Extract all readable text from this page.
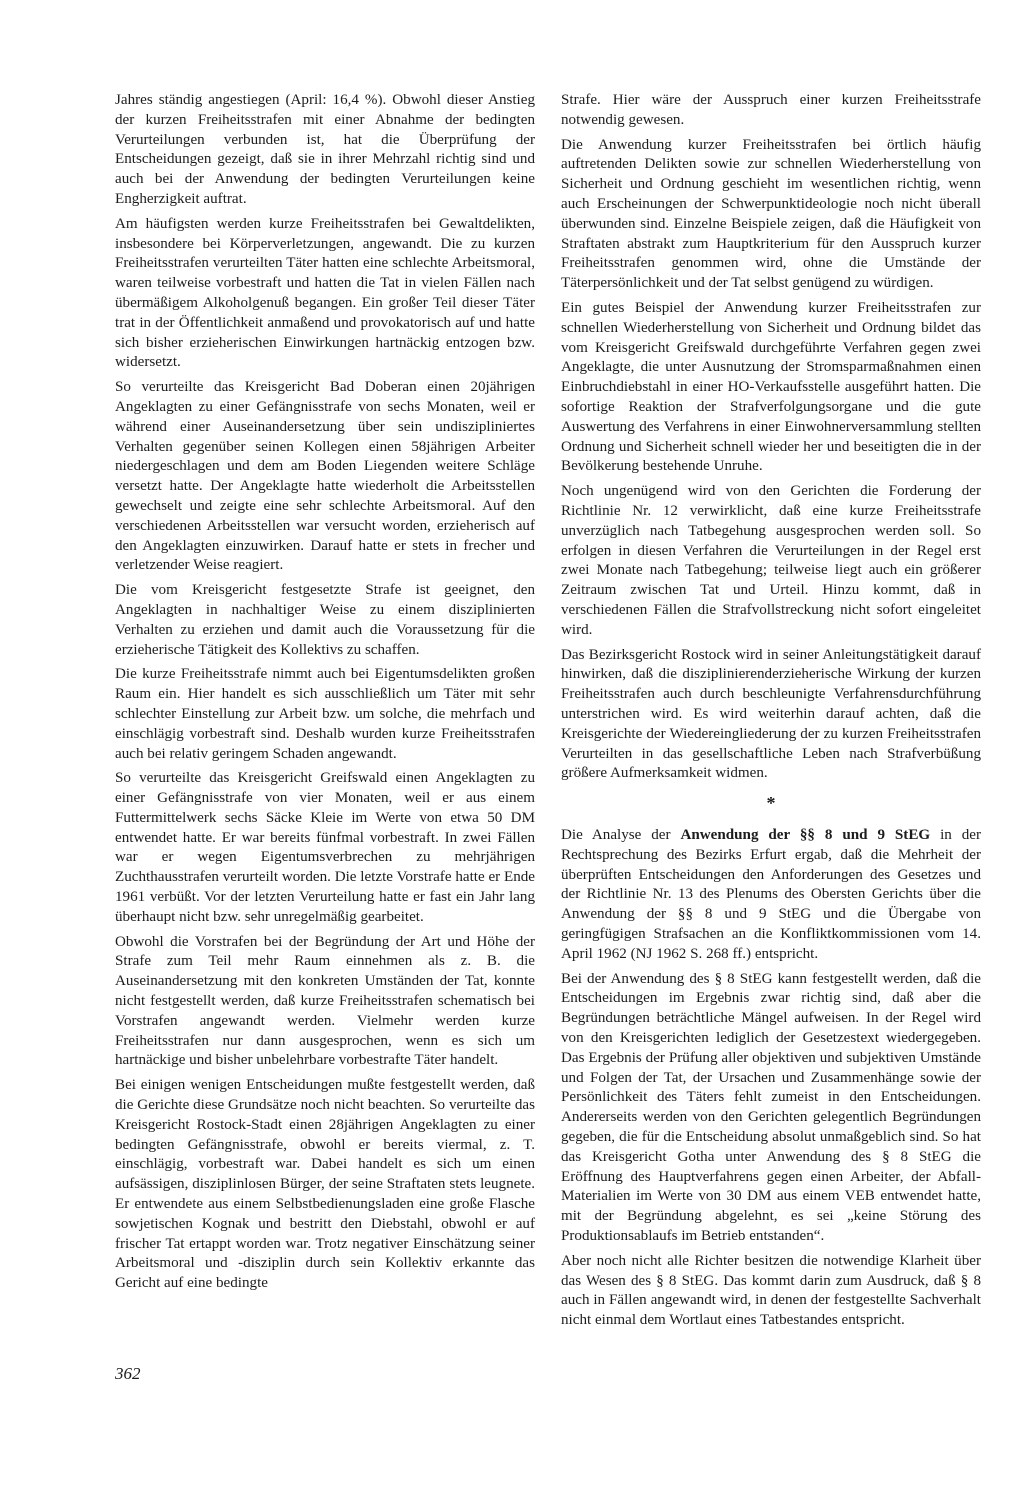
Jahres ständig angestiegen (April: 16,4 %). Obwohl dieser Anstieg der kurzen Freiheitsstrafen mit einer Abnahme der bedingten Verurteilungen verbunden ist, hat die Überprüfung der Entscheidungen gezeigt, daß sie in ihrer Mehrzahl richtig sind und auch bei der Anwendung der bedingten Verurteilungen keine Engherzigkeit auftrat.

Am häufigsten werden kurze Freiheitsstrafen bei Gewaltdelikten, insbesondere bei Körperverletzungen, angewandt. Die zu kurzen Freiheitsstrafen verurteilten Täter hatten eine schlechte Arbeitsmoral, waren teilweise vorbestraft und hatten die Tat in vielen Fällen nach übermäßigem Alkoholgenuß begangen. Ein großer Teil dieser Täter trat in der Öffentlichkeit anmaßend und provokatorisch auf und hatte sich bisher erzieherischen Einwirkungen hartnäckig entzogen bzw. widersetzt.

So verurteilte das Kreisgericht Bad Doberan einen 20jährigen Angeklagten zu einer Gefängnisstrafe von sechs Monaten, weil er während einer Auseinandersetzung über sein undiszipliniertes Verhalten gegenüber seinen Kollegen einen 58jährigen Arbeiter niedergeschlagen und dem am Boden Liegenden weitere Schläge versetzt hatte. Der Angeklagte hatte wiederholt die Arbeitsstellen gewechselt und zeigte eine sehr schlechte Arbeitsmoral. Auf den verschiedenen Arbeitsstellen war versucht worden, erzieherisch auf den Angeklagten einzuwirken. Darauf hatte er stets in frecher und verletzender Weise reagiert.

Die vom Kreisgericht festgesetzte Strafe ist geeignet, den Angeklagten in nachhaltiger Weise zu einem disziplinierten Verhalten zu erziehen und damit auch die Voraussetzung für die erzieherische Tätigkeit des Kollektivs zu schaffen.

Die kurze Freiheitsstrafe nimmt auch bei Eigentumsdelikten großen Raum ein. Hier handelt es sich ausschließlich um Täter mit sehr schlechter Einstellung zur Arbeit bzw. um solche, die mehrfach und einschlägig vorbestraft sind. Deshalb wurden kurze Freiheitsstrafen auch bei relativ geringem Schaden angewandt.

So verurteilte das Kreisgericht Greifswald einen Angeklagten zu einer Gefängnisstrafe von vier Monaten, weil er aus einem Futtermittelwerk sechs Säcke Kleie im Werte von etwa 50 DM entwendet hatte. Er war bereits fünfmal vorbestraft. In zwei Fällen war er wegen Eigentumsverbrechen zu mehrjährigen Zuchthausstrafen verurteilt worden. Die letzte Vorstrafe hatte er Ende 1961 verbüßt. Vor der letzten Verurteilung hatte er fast ein Jahr lang überhaupt nicht bzw. sehr unregelmäßig gearbeitet.

Obwohl die Vorstrafen bei der Begründung der Art und Höhe der Strafe zum Teil mehr Raum einnehmen als z. B. die Auseinandersetzung mit den konkreten Umständen der Tat, konnte nicht festgestellt werden, daß kurze Freiheitsstrafen schematisch bei Vorstrafen angewandt werden. Vielmehr werden kurze Freiheitsstrafen nur dann ausgesprochen, wenn es sich um hartnäckige und bisher unbelehrbare vorbestrafte Täter handelt.

Bei einigen wenigen Entscheidungen mußte festgestellt werden, daß die Gerichte diese Grundsätze noch nicht beachten. So verurteilte das Kreisgericht Rostock-Stadt einen 28jährigen Angeklagten zu einer bedingten Gefängnisstrafe, obwohl er bereits viermal, z. T. einschlägig, vorbestraft war. Dabei handelt es sich um einen aufsässigen, disziplinlosen Bürger, der seine Straftaten stets leugnete. Er entwendete aus einem Selbstbedienungsladen eine große Flasche sowjetischen Kognak und bestritt den Diebstahl, obwohl er auf frischer Tat ertappt worden war. Trotz negativer Einschätzung seiner Arbeitsmoral und -disziplin durch sein Kollektiv erkannte das Gericht auf eine bedingte

Strafe. Hier wäre der Ausspruch einer kurzen Freiheitsstrafe notwendig gewesen.

Die Anwendung kurzer Freiheitsstrafen bei örtlich häufig auftretenden Delikten sowie zur schnellen Wiederherstellung von Sicherheit und Ordnung geschieht im wesentlichen richtig, wenn auch Erscheinungen der Schwerpunktideologie noch nicht überall überwunden sind. Einzelne Beispiele zeigen, daß die Häufigkeit von Straftaten abstrakt zum Hauptkriterium für den Ausspruch kurzer Freiheitsstrafen genommen wird, ohne die Umstände der Täterpersönlichkeit und der Tat selbst genügend zu würdigen.

Ein gutes Beispiel der Anwendung kurzer Freiheitsstrafen zur schnellen Wiederherstellung von Sicherheit und Ordnung bildet das vom Kreisgericht Greifswald durchgeführte Verfahren gegen zwei Angeklagte, die unter Ausnutzung der Stromsparmaßnahmen einen Einbruchdiebstahl in einer HO-Verkaufsstelle ausgeführt hatten. Die sofortige Reaktion der Strafverfolgungsorgane und die gute Auswertung des Verfahrens in einer Einwohnerversammlung stellten Ordnung und Sicherheit schnell wieder her und beseitigten die in der Bevölkerung bestehende Unruhe.

Noch ungenügend wird von den Gerichten die Forderung der Richtlinie Nr. 12 verwirklicht, daß eine kurze Freiheitsstrafe unverzüglich nach Tatbegehung ausgesprochen werden soll. So erfolgen in diesen Verfahren die Verurteilungen in der Regel erst zwei Monate nach Tatbegehung; teilweise liegt auch ein größerer Zeitraum zwischen Tat und Urteil. Hinzu kommt, daß in verschiedenen Fällen die Strafvollstreckung nicht sofort eingeleitet wird.

Das Bezirksgericht Rostock wird in seiner Anleitungstätigkeit darauf hinwirken, daß die disziplinierenderzieherische Wirkung der kurzen Freiheitsstrafen auch durch beschleunigte Verfahrensdurchführung unterstrichen wird. Es wird weiterhin darauf achten, daß die Kreisgerichte der Wiedereingliederung der zu kurzen Freiheitsstrafen Verurteilten in das gesellschaftliche Leben nach Strafverbüßung größere Aufmerksamkeit widmen.

*

Die Analyse der Anwendung der §§ 8 und 9 StEG in der Rechtsprechung des Bezirks Erfurt ergab, daß die Mehrheit der überprüften Entscheidungen den Anforderungen des Gesetzes und der Richtlinie Nr. 13 des Plenums des Obersten Gerichts über die Anwendung der §§ 8 und 9 StEG und die Übergabe von geringfügigen Strafsachen an die Konfliktkommissionen vom 14. April 1962 (NJ 1962 S. 268 ff.) entspricht.

Bei der Anwendung des § 8 StEG kann festgestellt werden, daß die Entscheidungen im Ergebnis zwar richtig sind, daß aber die Begründungen beträchtliche Mängel aufweisen. In der Regel wird von den Kreisgerichten lediglich der Gesetzestext wiedergegeben. Das Ergebnis der Prüfung aller objektiven und subjektiven Umstände und Folgen der Tat, der Ursachen und Zusammenhänge sowie der Persönlichkeit des Täters fehlt zumeist in den Entscheidungen. Andererseits werden von den Gerichten gelegentlich Begründungen gegeben, die für die Entscheidung absolut unmaßgeblich sind. So hat das Kreisgericht Gotha unter Anwendung des § 8 StEG die Eröffnung des Hauptverfahrens gegen einen Arbeiter, der Abfall-Materialien im Werte von 30 DM aus einem VEB entwendet hatte, mit der Begründung abgelehnt, es sei „keine Störung des Produktionsablaufs im Betrieb entstanden“.

Aber noch nicht alle Richter besitzen die notwendige Klarheit über das Wesen des § 8 StEG. Das kommt darin zum Ausdruck, daß § 8 auch in Fällen angewandt wird, in denen der festgestellte Sachverhalt nicht einmal dem Wortlaut eines Tatbestandes entspricht.

362
